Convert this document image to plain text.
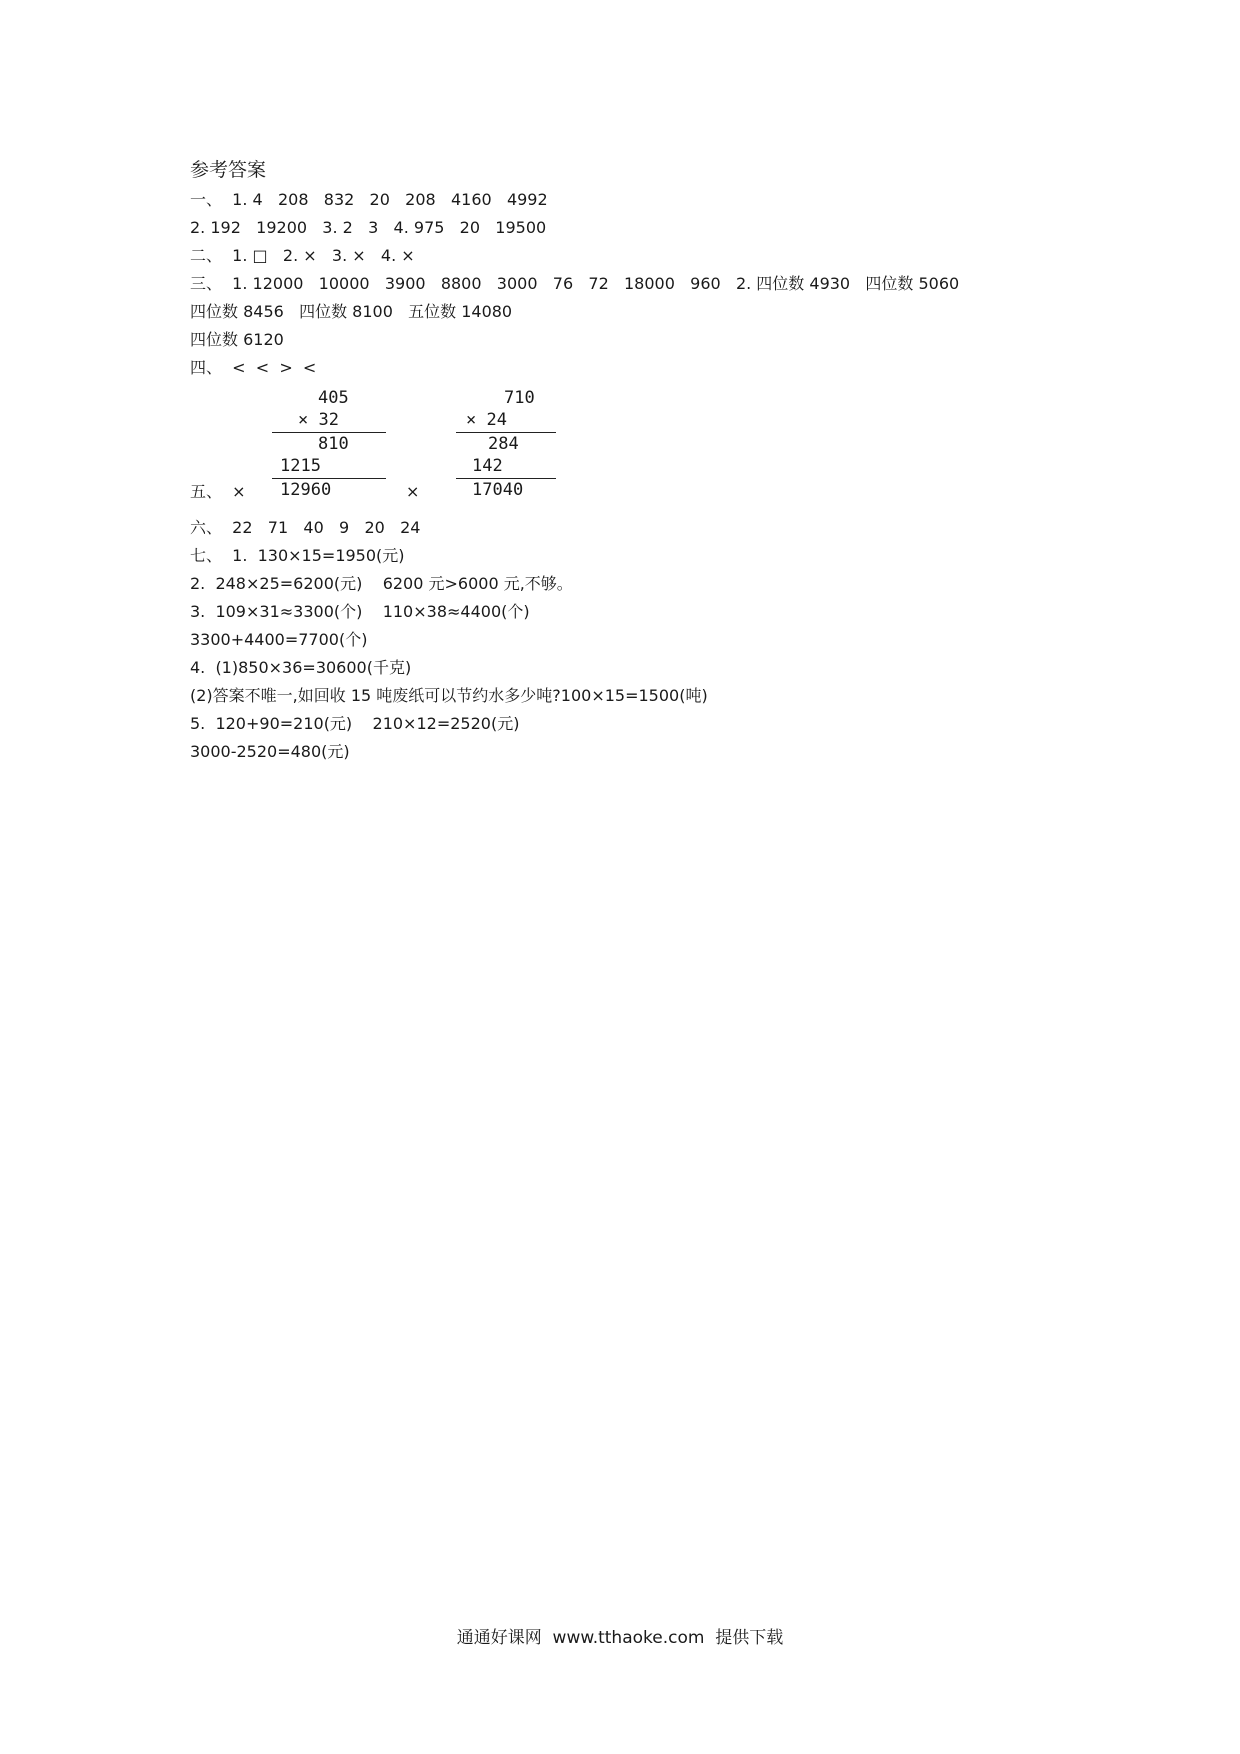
参考答案
一、  1. 4   208   832   20   208   4160   4992
2. 192   19200   3. 2   3   4. 975   20   19500
二、  1. □   2. ×   3. ×   4. ×
三、  1. 12000   10000   3900   8800   3000   76   72   18000   960   2. 四位数 4930   四位数 5060
四位数 8456   四位数 8100   五位数 14080
四位数 6120
四、  <  <  >  <
五、  ×
405
× 32
810
1215
12960	×
710
× 24
284
142
17040
六、  22   71   40   9   20   24
七、  1.  130×15=1950(元)
2.  248×25=6200(元)    6200 元>6000 元,不够。
3.  109×31≈3300(个)    110×38≈4400(个)
3300+4400=7700(个)
4.  (1)850×36=30600(千克)
(2)答案不唯一,如回收 15 吨废纸可以节约水多少吨?100×15=1500(吨)
5.  120+90=210(元)    210×12=2520(元)
3000-2520=480(元)
通通好课网  www.tthaoke.com  提供下载
